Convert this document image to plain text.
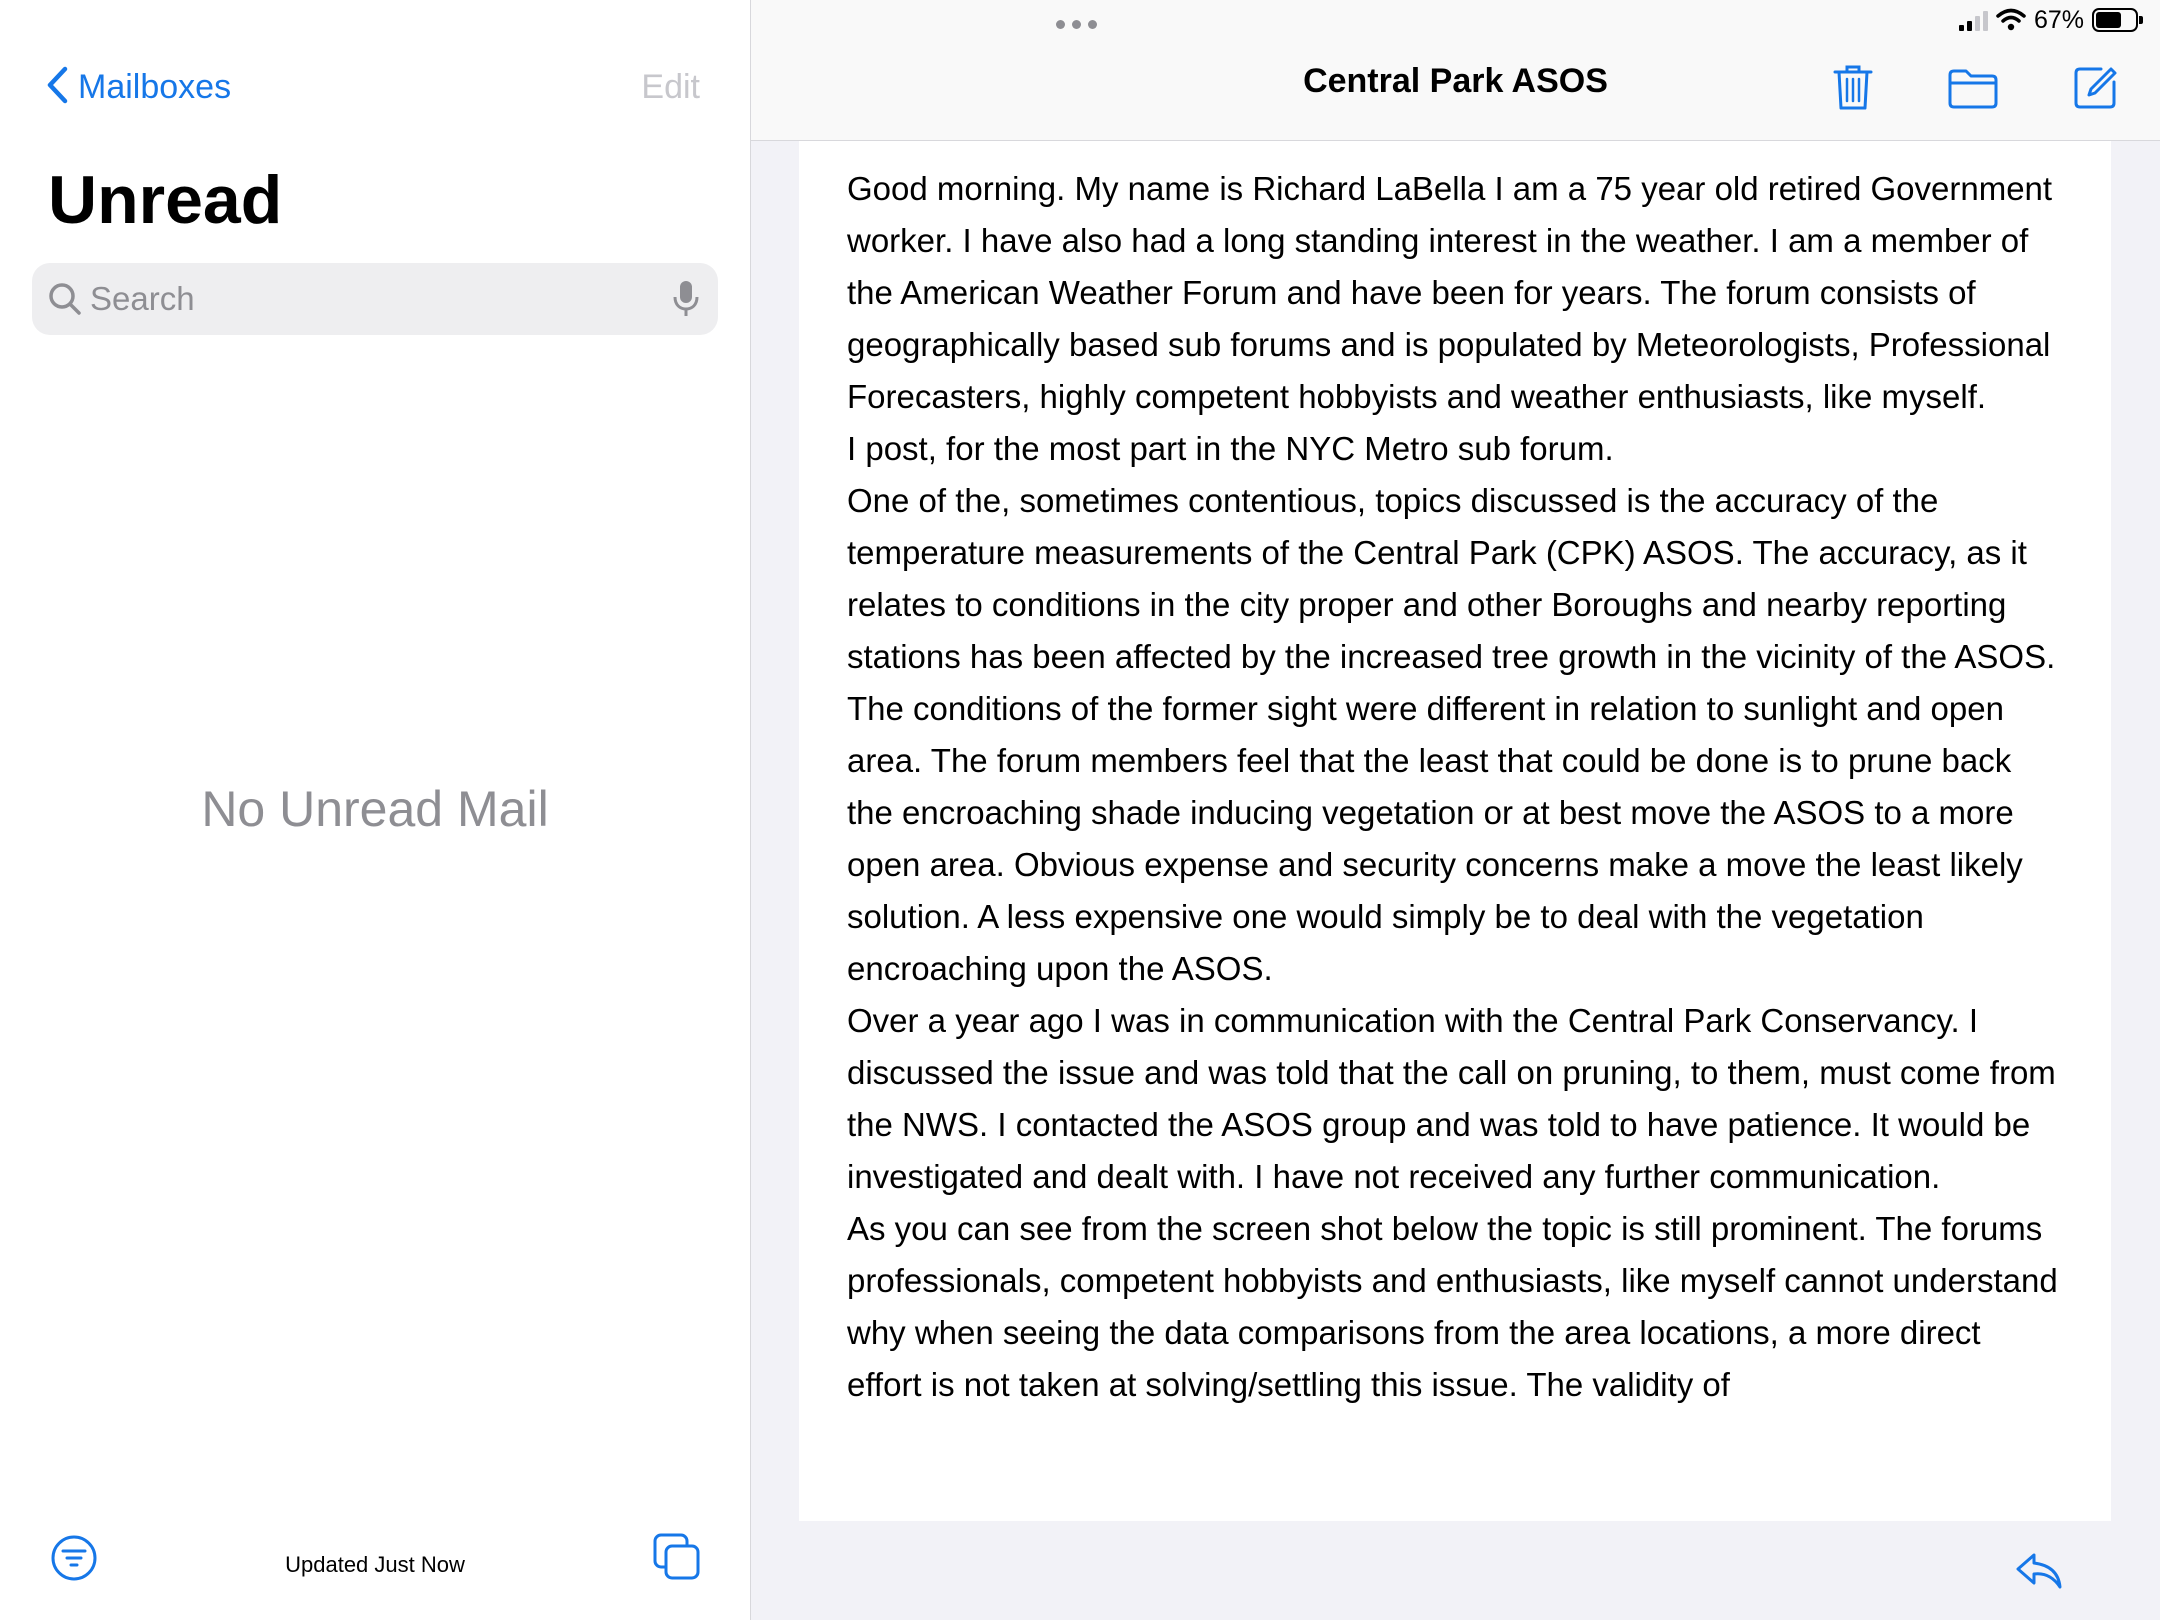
Mailboxes	Edit
Unread
Search
No Unread Mail
Updated Just Now
Central Park ASOS

Good morning. My name is Richard LaBella I am a 75 year old retired Government worker. I have also had a long standing interest in the weather. I am a member of the American Weather Forum and have been for years. The forum consists of geographically based sub forums and is populated by Meteorologists, Professional Forecasters, highly competent hobbyists and weather enthusiasts, like myself.

I post, for the most part in the NYC Metro sub forum.

One of the, sometimes contentious, topics discussed is the accuracy of the temperature measurements of the Central Park (CPK) ASOS. The accuracy, as it relates to conditions in the city proper and other Boroughs and nearby reporting stations has been affected by the increased tree growth in the vicinity of the ASOS. The conditions of the former sight were different in relation to sunlight and open area. The forum members feel that the least that could be done is to prune back the encroaching shade inducing vegetation or at best move the ASOS to a more open area. Obvious expense and security concerns make a move the least likely solution. A less expensive one would simply be to deal with the vegetation encroaching upon the ASOS.

Over a year ago I was in communication with the Central Park Conservancy. I discussed the issue and was told that the call on pruning, to them, must come from the NWS. I contacted the ASOS group and was told to have patience. It would be investigated and dealt with. I have not received any further communication.

As you can see from the screen shot below the topic is still prominent. The forums professionals, competent hobbyists and enthusiasts, like myself cannot understand why when seeing the data comparisons from the area locations, a more direct effort is not taken at solving/settling this issue. The validity of

67%
